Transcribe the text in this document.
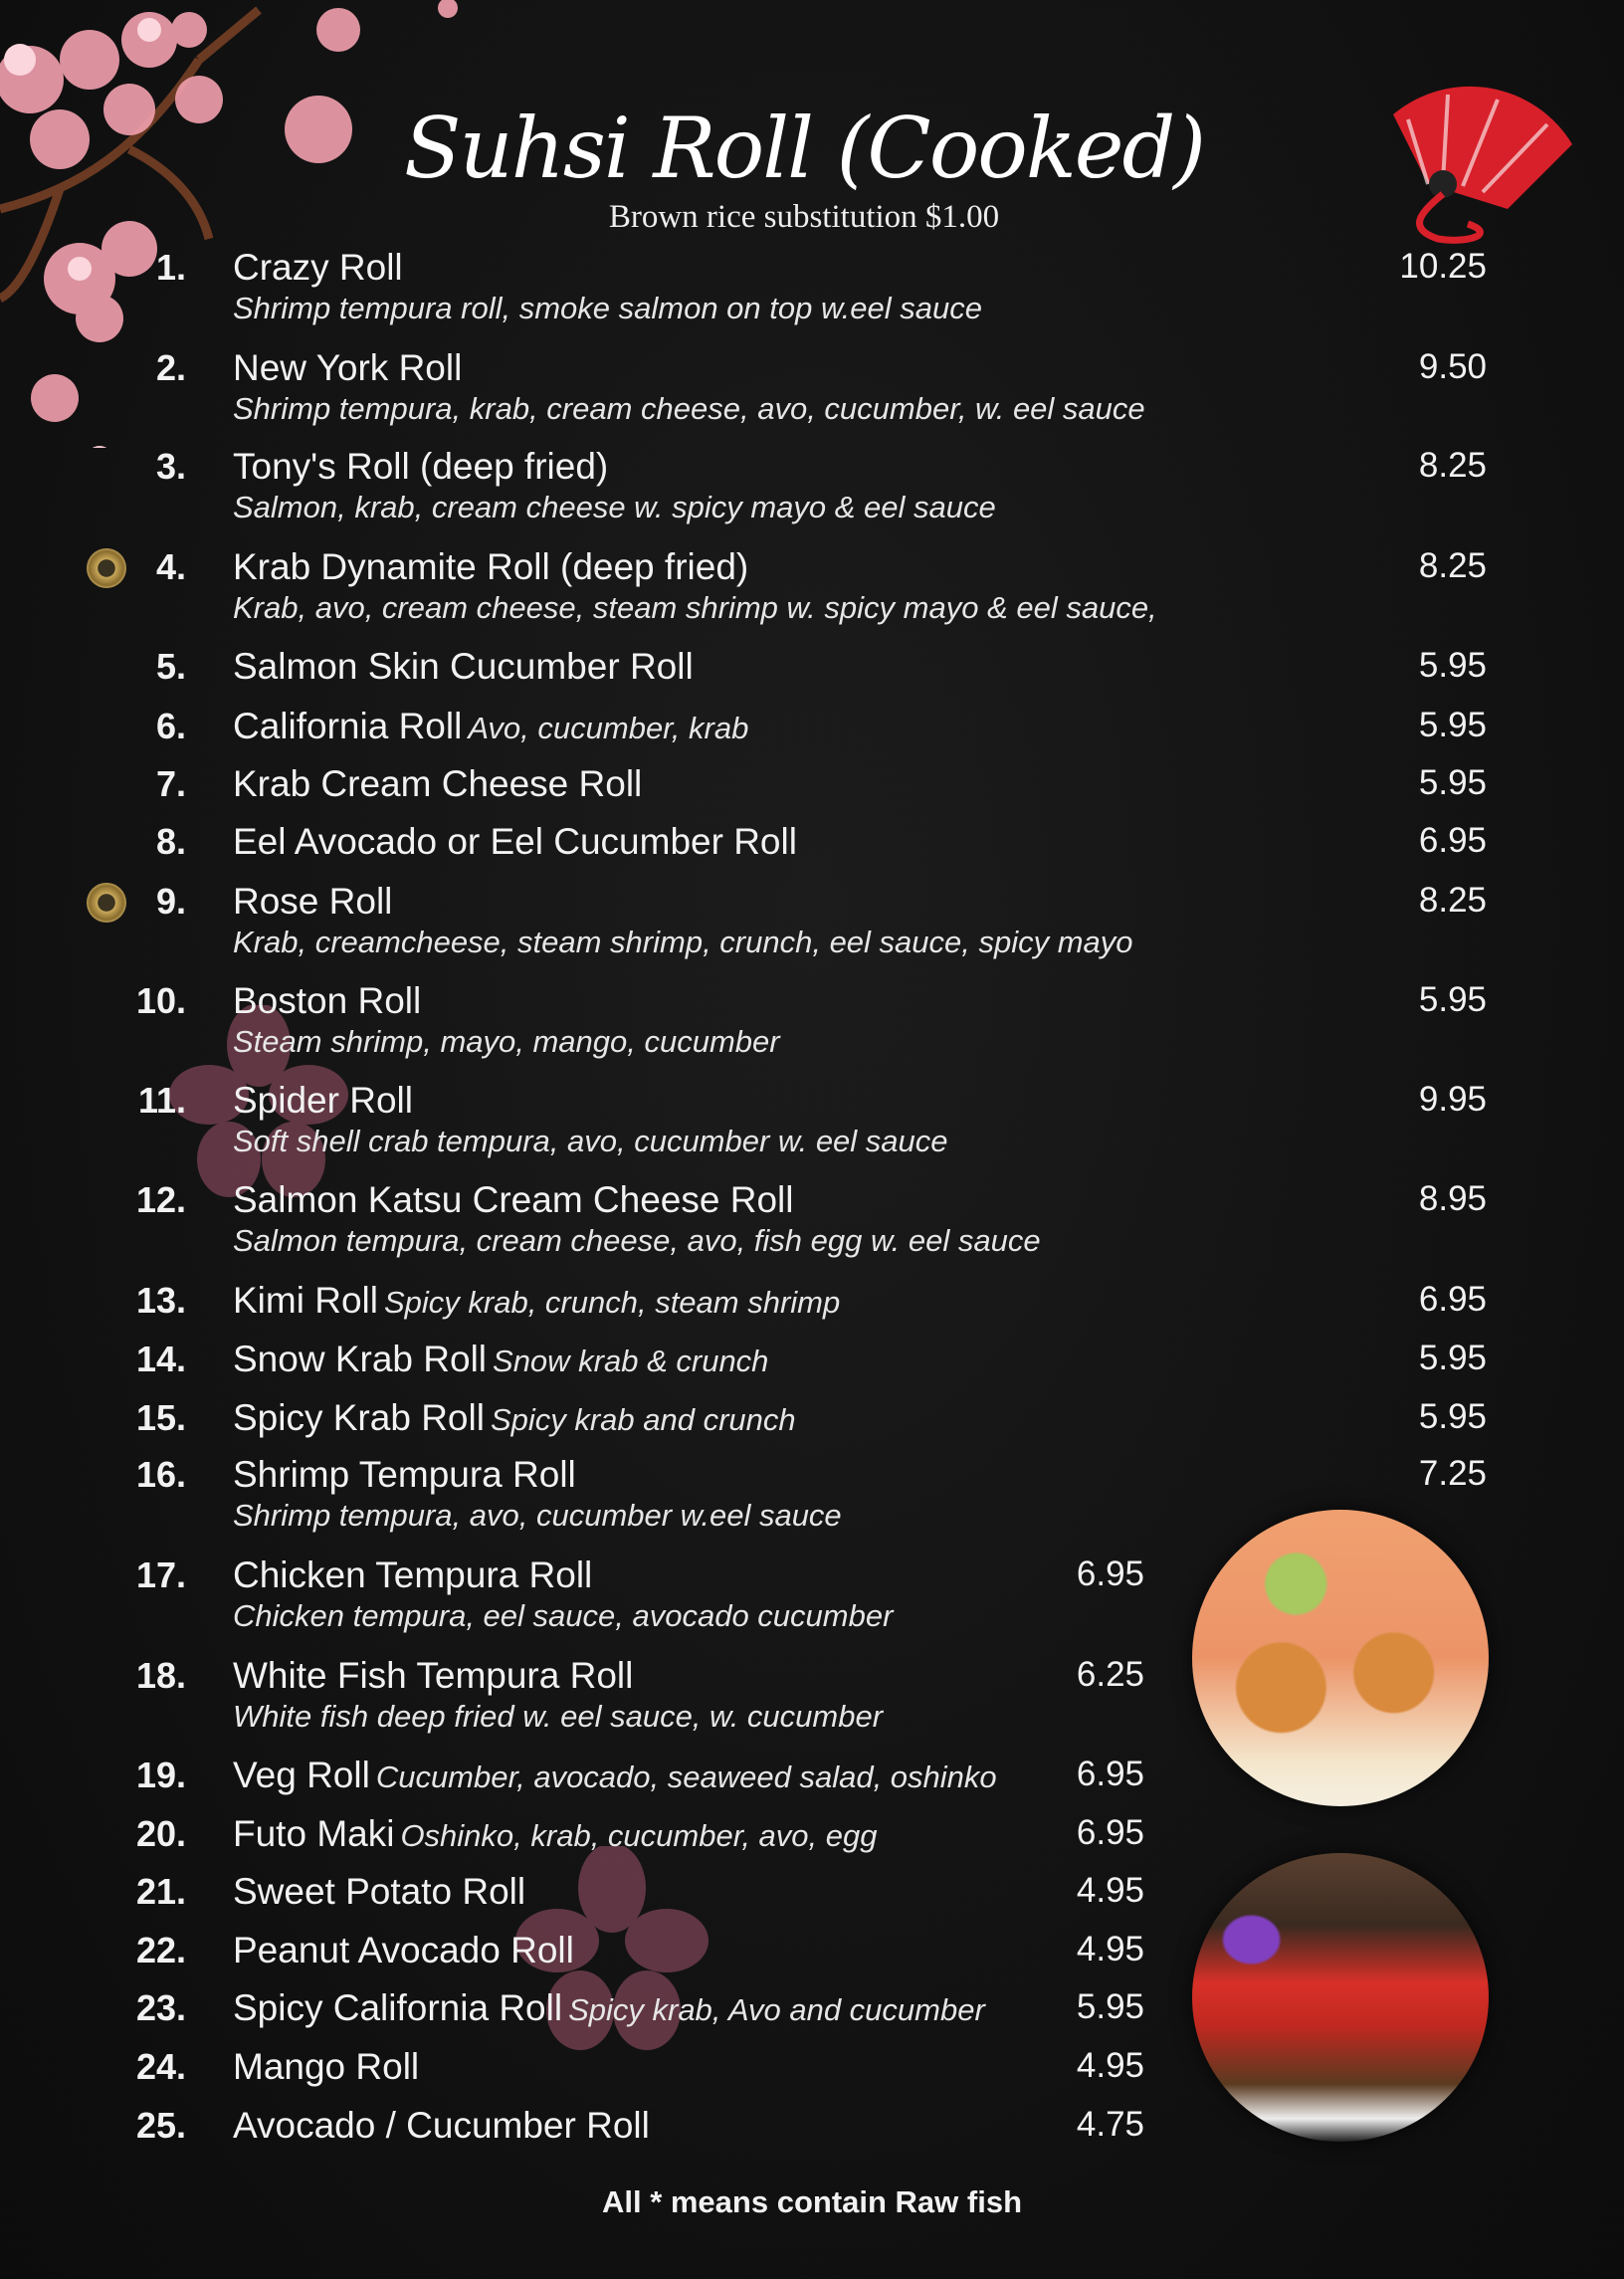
Suhsi Roll (Cooked)
Brown rice substitution $1.00
1. Crazy Roll
Shrimp tempura roll, smoke salmon on top w.eel sauce
10.25
2. New York Roll
Shrimp tempura, krab, cream cheese, avo, cucumber, w. eel sauce
9.50
3. Tony's Roll (deep fried)
Salmon, krab, cream cheese w. spicy mayo & eel sauce
8.25
4. Krab Dynamite Roll (deep fried)
Krab, avo, cream cheese, steam shrimp w. spicy mayo & eel sauce,
8.25
5. Salmon Skin Cucumber Roll	5.95
6. California Roll Avo, cucumber, krab	5.95
7. Krab Cream Cheese Roll	5.95
8. Eel Avocado or Eel Cucumber Roll	6.95
9. Rose Roll
Krab, creamcheese, steam shrimp, crunch, eel sauce, spicy mayo
8.25
10. Boston Roll
Steam shrimp, mayo, mango, cucumber
5.95
11. Spider Roll
Soft shell crab tempura, avo, cucumber w. eel sauce
9.95
12. Salmon Katsu Cream Cheese Roll
Salmon tempura, cream cheese, avo, fish egg w. eel sauce
8.95
13. Kimi Roll Spicy krab, crunch, steam shrimp	6.95
14. Snow Krab Roll Snow krab & crunch	5.95
15. Spicy Krab Roll Spicy krab and crunch	5.95
16. Shrimp Tempura Roll
Shrimp tempura, avo, cucumber w.eel sauce
7.25
17. Chicken Tempura Roll
Chicken tempura, eel sauce, avocado cucumber
6.95
18. White Fish Tempura Roll
White fish deep fried w. eel sauce, w. cucumber
6.25
19. Veg Roll Cucumber, avocado, seaweed salad, oshinko 6.95
20. Futo Maki Oshinko, krab, cucumber, avo, egg	6.95
21. Sweet Potato Roll	4.95
22. Peanut Avocado Roll	4.95
23. Spicy California Roll Spicy krab, Avo and cucumber	5.95
24. Mango Roll	4.95
25. Avocado / Cucumber Roll	4.75
All * means contain Raw fish
